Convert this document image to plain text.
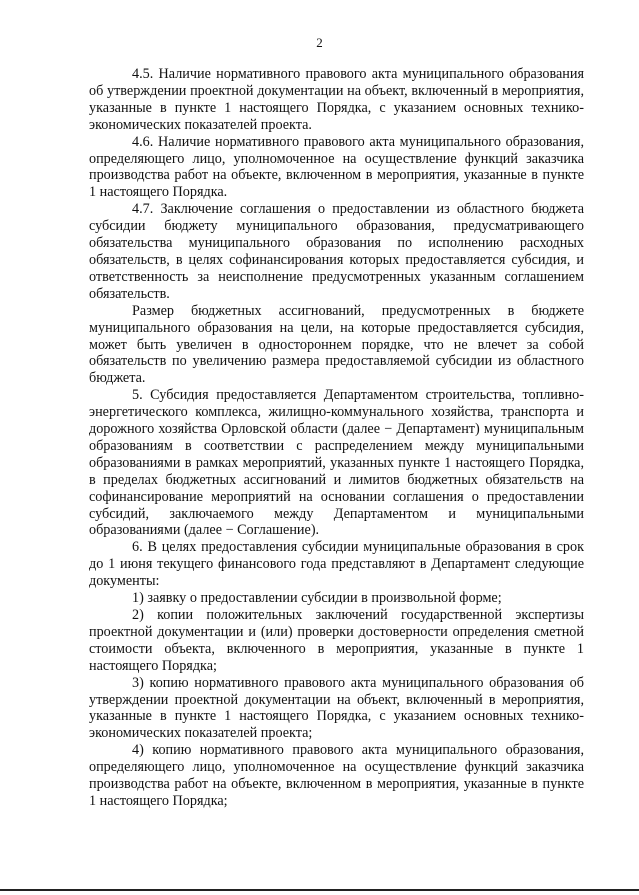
2

4.5. Наличие нормативного правового акта муниципального образования об утверждении проектной документации на объект, включенный в мероприятия, указанные в пункте 1 настоящего Порядка, с указанием основных технико-экономических показателей проекта.

4.6. Наличие нормативного правового акта муниципального образования, определяющего лицо, уполномоченное на осуществление функций заказчика производства работ на объекте, включенном в мероприятия, указанные в пункте 1 настоящего Порядка.

4.7. Заключение соглашения о предоставлении из областного бюджета субсидии бюджету муниципального образования, предусматривающего обязательства муниципального образования по исполнению расходных обязательств, в целях софинансирования которых предоставляется субсидия, и ответственность за неисполнение предусмотренных указанным соглашением обязательств.

Размер бюджетных ассигнований, предусмотренных в бюджете муниципального образования на цели, на которые предоставляется субсидия, может быть увеличен в одностороннем порядке, что не влечет за собой обязательств по увеличению размера предоставляемой субсидии из областного бюджета.

5. Субсидия предоставляется Департаментом строительства, топливно-энергетического комплекса, жилищно-коммунального хозяйства, транспорта и дорожного хозяйства Орловской области (далее − Департамент) муниципальным образованиям в соответствии с распределением между муниципальными образованиями в рамках мероприятий, указанных пункте 1 настоящего Порядка, в пределах бюджетных ассигнований и лимитов бюджетных обязательств на софинансирование мероприятий на основании соглашения о предоставлении субсидий, заключаемого между Департаментом и муниципальными образованиями (далее − Соглашение).

6. В целях предоставления субсидии муниципальные образования в срок до 1 июня текущего финансового года представляют в Департамент следующие документы:

1) заявку о предоставлении субсидии в произвольной форме;

2) копии положительных заключений государственной экспертизы проектной документации и (или) проверки достоверности определения сметной стоимости объекта, включенного в мероприятия, указанные в пункте 1 настоящего Порядка;

3) копию нормативного правового акта муниципального образования об утверждении проектной документации на объект, включенный в мероприятия, указанные в пункте 1 настоящего Порядка, с указанием основных технико-экономических показателей проекта;

4) копию нормативного правового акта муниципального образования, определяющего лицо, уполномоченное на осуществление функций заказчика производства работ на объекте, включенном в мероприятия, указанные в пункте 1 настоящего Порядка;
